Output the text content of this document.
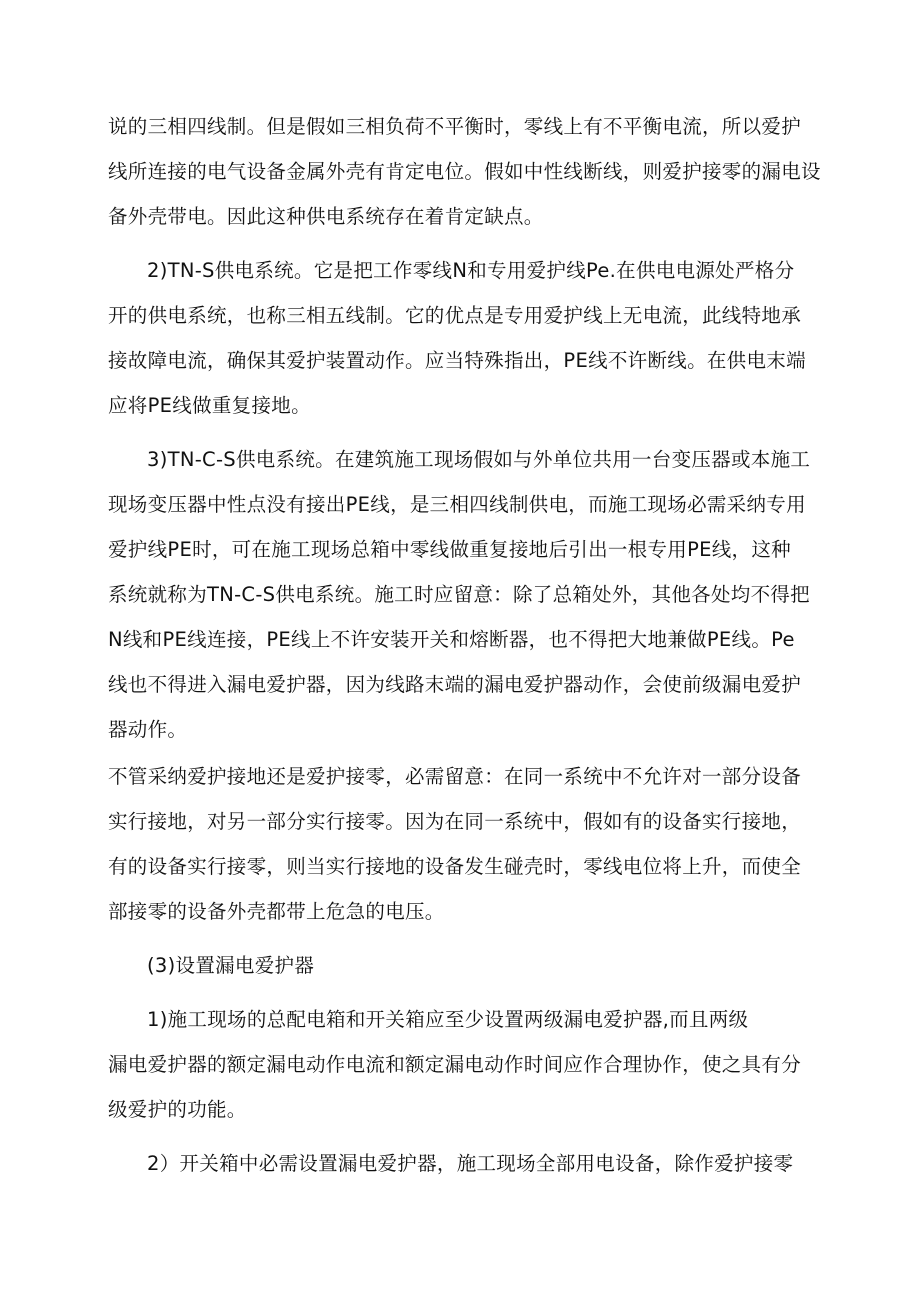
说的三相四线制。但是假如三相负荷不平衡时，零线上有不平衡电流，所以爱护
线所连接的电气设备金属外壳有肯定电位。假如中性线断线，则爱护接零的漏电设
备外壳带电。因此这种供电系统存在着肯定缺点。
2)TN-S供电系统。它是把工作零线N和专用爱护线Pe.在供电电源处严格分
开的供电系统，也称三相五线制。它的优点是专用爱护线上无电流，此线特地承
接故障电流，确保其爱护装置动作。应当特殊指出，PE线不许断线。在供电末端
应将PE线做重复接地。
3)TN-C-S供电系统。在建筑施工现场假如与外单位共用一台变压器或本施工
现场变压器中性点没有接出PE线，是三相四线制供电，而施工现场必需采纳专用
爱护线PE时，可在施工现场总箱中零线做重复接地后引出一根专用PE线，这种
系统就称为TN-C-S供电系统。施工时应留意：除了总箱处外，其他各处均不得把
N线和PE线连接，PE线上不许安装开关和熔断器，也不得把大地兼做PE线。Pe
线也不得进入漏电爱护器，因为线路末端的漏电爱护器动作，会使前级漏电爱护
器动作。
不管采纳爱护接地还是爱护接零，必需留意：在同一系统中不允许对一部分设备
实行接地，对另一部分实行接零。因为在同一系统中，假如有的设备实行接地，
有的设备实行接零，则当实行接地的设备发生碰壳时，零线电位将上升，而使全
部接零的设备外壳都带上危急的电压。
(3)设置漏电爱护器
1)施工现场的总配电箱和开关箱应至少设置两级漏电爱护器,而且两级
漏电爱护器的额定漏电动作电流和额定漏电动作时间应作合理协作，使之具有分
级爱护的功能。
2）开关箱中必需设置漏电爱护器，施工现场全部用电设备，除作爱护接零
